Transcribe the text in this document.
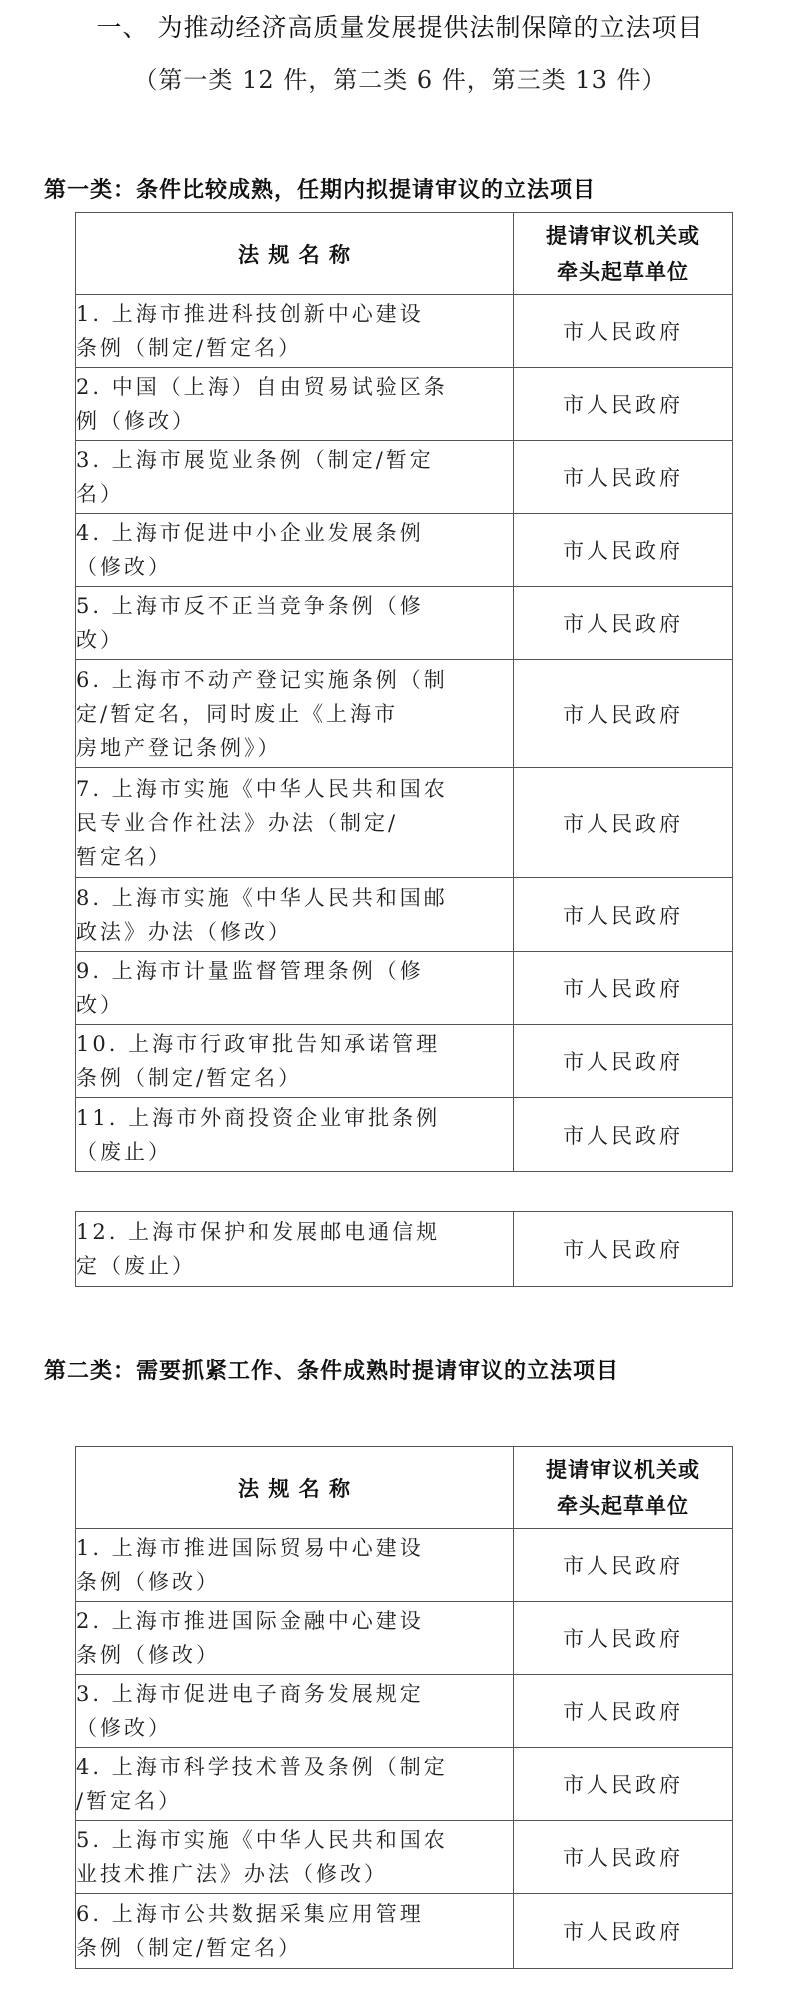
一、 为推动经济高质量发展提供法制保障的立法项目
（第一类 12 件，第二类 6 件，第三类 13 件）
第一类：条件比较成熟，任期内拟提请审议的立法项目
法 规 名 称	提请审议机关或
牵头起草单位

1. 上海市推进科技创新中心建设
条例（制定/暂定名）	市人民政府

2. 中国（上海）自由贸易试验区条
例（修改）	市人民政府

3. 上海市展览业条例（制定/暂定
名）	市人民政府

4. 上海市促进中小企业发展条例
（修改）	市人民政府

5. 上海市反不正当竞争条例（修
改）	市人民政府

6. 上海市不动产登记实施条例（制
定/暂定名，同时废止《上海市
房地产登记条例》）	市人民政府

7. 上海市实施《中华人民共和国农
民专业合作社法》办法（制定/
暂定名）	市人民政府

8. 上海市实施《中华人民共和国邮
政法》办法（修改）	市人民政府

9. 上海市计量监督管理条例（修
改）	市人民政府

10. 上海市行政审批告知承诺管理
条例（制定/暂定名）	市人民政府

11. 上海市外商投资企业审批条例
（废止）	市人民政府
12. 上海市保护和发展邮电通信规
定（废止）
	市人民政府
第二类：需要抓紧工作、条件成熟时提请审议的立法项目
法 规 名 称	提请审议机关或
牵头起草单位

1. 上海市推进国际贸易中心建设
条例（修改）	市人民政府

2. 上海市推进国际金融中心建设
条例（修改）	市人民政府

3. 上海市促进电子商务发展规定
（修改）	市人民政府

4. 上海市科学技术普及条例（制定
/暂定名）	市人民政府

5. 上海市实施《中华人民共和国农
业技术推广法》办法（修改）	市人民政府

6. 上海市公共数据采集应用管理
条例（制定/暂定名）	市人民政府
